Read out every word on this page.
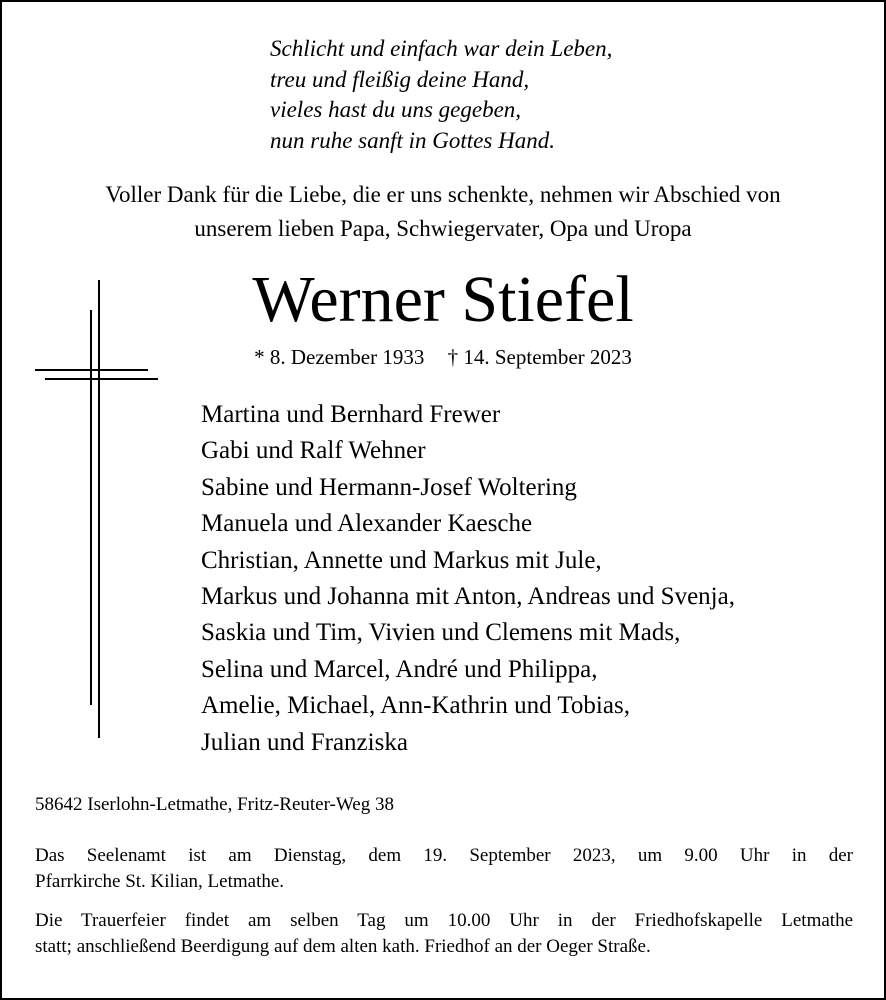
Schlicht und einfach war dein Leben,
treu und fleißig deine Hand,
vieles hast du uns gegeben,
nun ruhe sanft in Gottes Hand.
Voller Dank für die Liebe, die er uns schenkte, nehmen wir Abschied von
unserem lieben Papa, Schwiegervater, Opa und Uropa
Werner Stiefel
* 8. Dezember 1933 † 14. September 2023
Martina und Bernhard Frewer
Gabi und Ralf Wehner
Sabine und Hermann-Josef Woltering
Manuela und Alexander Kaesche
Christian, Annette und Markus mit Jule,
Markus und Johanna mit Anton, Andreas und Svenja,
Saskia und Tim, Vivien und Clemens mit Mads,
Selina und Marcel, André und Philippa,
Amelie, Michael, Ann-Kathrin und Tobias,
Julian und Franziska

58642 Iserlohn-Letmathe, Fritz-Reuter-Weg 38

Das Seelenamt ist am Dienstag, dem 19. September 2023, um 9.00 Uhr in der
Pfarrkirche St. Kilian, Letmathe.

Die Trauerfeier findet am selben Tag um 10.00 Uhr in der Friedhofskapelle Letmathe
statt; anschließend Beerdigung auf dem alten kath. Friedhof an der Oeger Straße.
